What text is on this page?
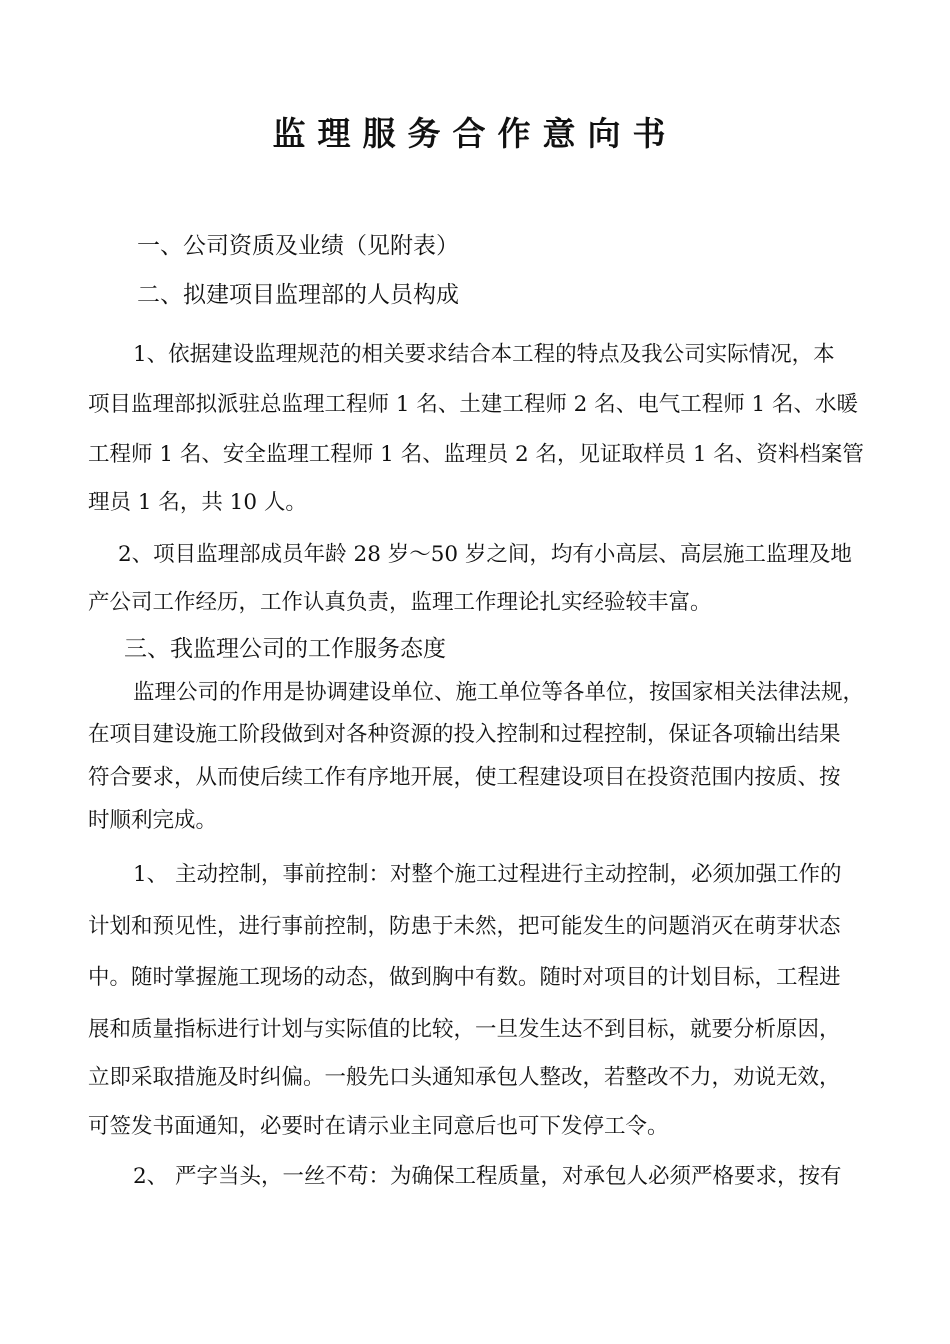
监理服务合作意向书
一、公司资质及业绩（见附表）
二、拟建项目监理部的人员构成
1、依据建设监理规范的相关要求结合本工程的特点及我公司实际情况，本
项目监理部拟派驻总监理工程师 1 名、土建工程师 2 名、电气工程师 1 名、水暖
工程师 1 名、安全监理工程师 1 名、监理员 2 名，见证取样员 1 名、资料档案管
理员 1 名，共 10 人。
2、项目监理部成员年龄 28 岁～50 岁之间，均有小高层、高层施工监理及地
产公司工作经历，工作认真负责，监理工作理论扎实经验较丰富。
三、我监理公司的工作服务态度
监理公司的作用是协调建设单位、施工单位等各单位，按国家相关法律法规，
在项目建设施工阶段做到对各种资源的投入控制和过程控制，保证各项输出结果
符合要求，从而使后续工作有序地开展，使工程建设项目在投资范围内按质、按
时顺利完成。
1、 主动控制，事前控制：对整个施工过程进行主动控制，必须加强工作的
计划和预见性，进行事前控制，防患于未然，把可能发生的问题消灭在萌芽状态
中。随时掌握施工现场的动态，做到胸中有数。随时对项目的计划目标，工程进
展和质量指标进行计划与实际值的比较，一旦发生达不到目标，就要分析原因，
立即采取措施及时纠偏。一般先口头通知承包人整改，若整改不力，劝说无效，
可签发书面通知，必要时在请示业主同意后也可下发停工令。
2、 严字当头，一丝不苟：为确保工程质量，对承包人必须严格要求，按有
